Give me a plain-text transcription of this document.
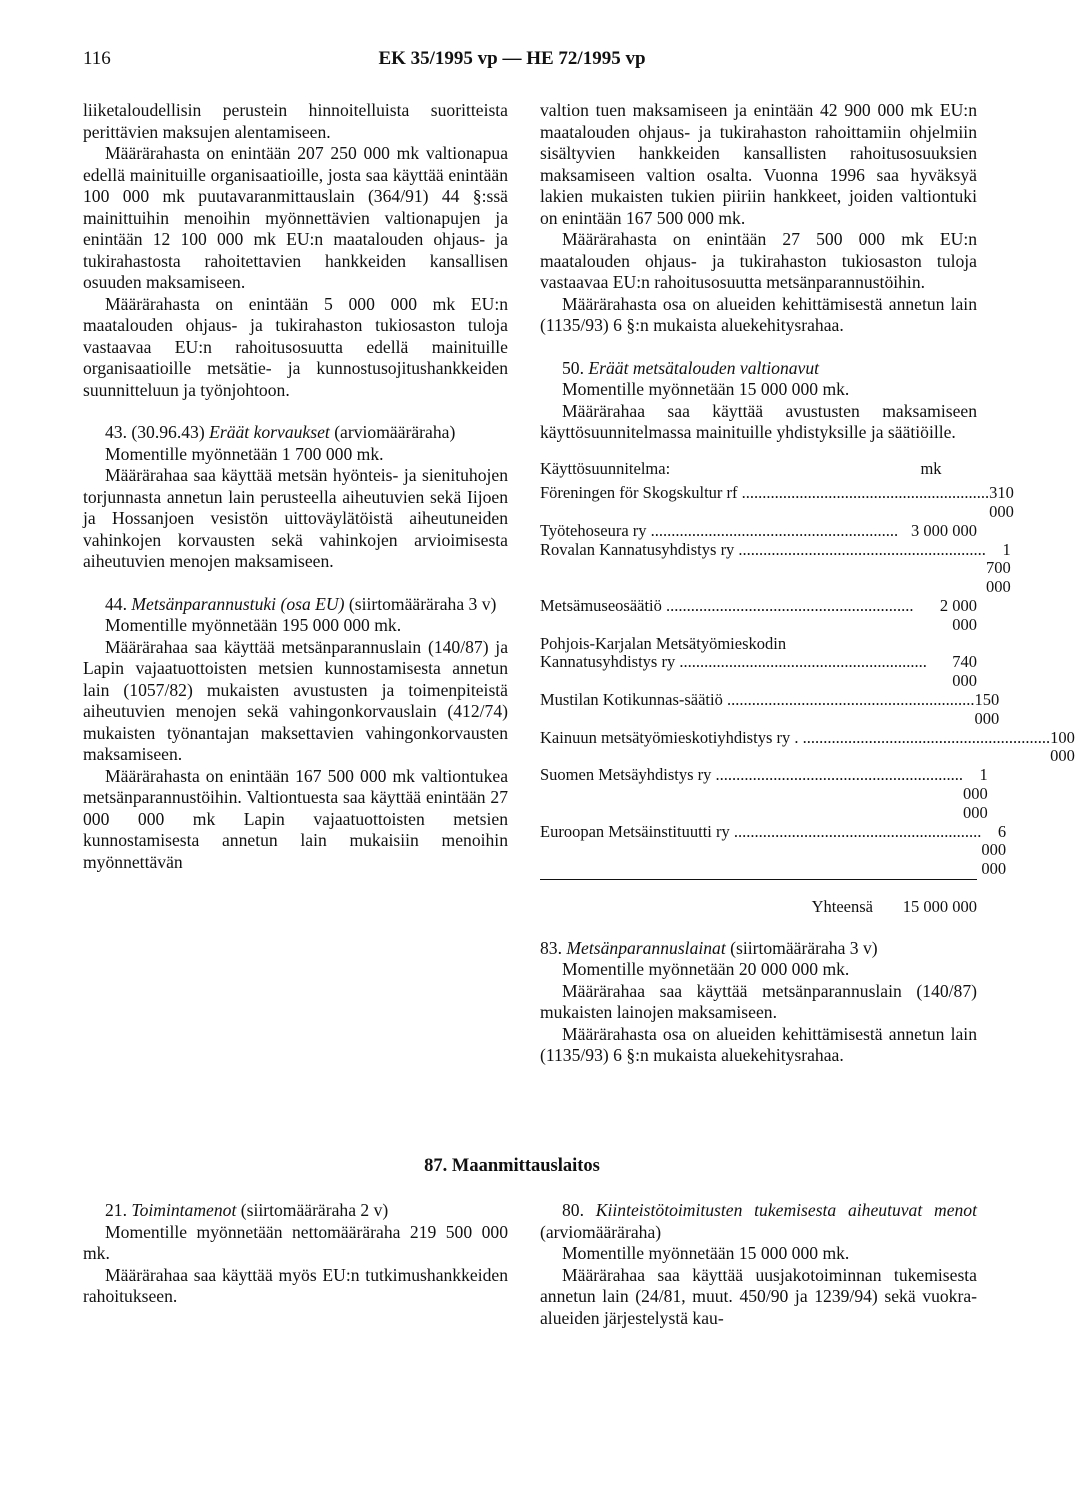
116	EK 35/1995 vp — HE 72/1995 vp

liiketaloudellisin perustein hinnoitelluista suoritteista perittävien maksujen alentamiseen.

Määrärahasta on enintään 207 250 000 mk valtionapua edellä mainituille organisaatioille, josta saa käyttää enintään 100 000 mk puutavaranmittauslain (364/91) 44 §:ssä mainittuihin menoihin myönnettävien valtionapujen ja enintään 12 100 000 mk EU:n maatalouden ohjaus- ja tukirahastosta rahoitettavien hankkeiden kansallisen osuuden maksamiseen.

Määrärahasta on enintään 5 000 000 mk EU:n maatalouden ohjaus- ja tukirahaston tukiosaston tuloja vastaavaa EU:n rahoitusosuutta edellä mainituille organisaatioille metsätie- ja kunnostusojitushankkeiden suunnitteluun ja työnjohtoon.

43. (30.96.43) Eräät korvaukset (arviomääräraha)

Momentille myönnetään 1 700 000 mk.

Määrärahaa saa käyttää metsän hyönteis- ja sienituhojen torjunnasta annetun lain perusteella aiheutuvien sekä Iijoen ja Hossanjoen vesistön uittoväylätöistä aiheutuneiden vahinkojen korvausten sekä vahinkojen arvioimisesta aiheutuvien menojen maksamiseen.

44. Metsänparannustuki (osa EU) (siirtomääräraha 3 v)

Momentille myönnetään 195 000 000 mk.

Määrärahaa saa käyttää metsänparannuslain (140/87) ja Lapin vajaatuottoisten metsien kunnostamisesta annetun lain (1057/82) mukaisten avustusten ja toimenpiteistä aiheutuvien menojen sekä vahingonkorvauslain (412/74) mukaisten työnantajan maksettavien vahingonkorvausten maksamiseen.

Määrärahasta on enintään 167 500 000 mk valtiontukea metsänparannustöihin. Valtiontuesta saa käyttää enintään 27 000 000 mk Lapin vajaatuottoisten metsien kunnostamisesta annetun lain mukaisiin menoihin myönnettävän

valtion tuen maksamiseen ja enintään 42 900 000 mk EU:n maatalouden ohjaus- ja tukirahaston rahoittamiin ohjelmiin sisältyvien hankkeiden kansallisten rahoitusosuuksien maksamiseen valtion osalta. Vuonna 1996 saa hyväksyä lakien mukaisten tukien piiriin hankkeet, joiden valtiontuki on enintään 167 500 000 mk.

Määrärahasta on enintään 27 500 000 mk EU:n maatalouden ohjaus- ja tukirahaston tukiosaston tuloja vastaavaa EU:n rahoitusosuutta metsänparannustöihin.

Määrärahasta osa on alueiden kehittämisestä annetun lain (1135/93) 6 §:n mukaista aluekehitysrahaa.

50. Eräät metsätalouden valtionavut

Momentille myönnetään 15 000 000 mk.

Määrärahaa saa käyttää avustusten maksamiseen käyttösuunnitelmassa mainituille yhdistyksille ja säätiöille.

Käyttösuunnitelma:	mk
Föreningen för Skogskultur rf ............................................................ 310 000
Työtehoseura ry ............................................................ 3 000 000
Rovalan Kannatusyhdistys ry ............................................................	1 700 000
Metsämuseosäätiö ............................................................	2 000 000
Pohjois-Karjalan Metsätyömieskodin
Kannatusyhdistys ry ............................................................	740 000
Mustilan Kotikunnas-säätiö ............................................................ 150 000
Kainuun metsätyömieskotiyhdistys ry . ............................................................ 100 000
Suomen Metsäyhdistys ry ............................................................	1 000 000
Euroopan Metsäinstituutti ry ............................................................	6 000 000
Yhteensä	15 000 000

83. Metsänparannuslainat (siirtomääräraha 3 v)

Momentille myönnetään 20 000 000 mk.

Määrärahaa saa käyttää metsänparannuslain (140/87) mukaisten lainojen maksamiseen.

Määrärahasta osa on alueiden kehittämisestä annetun lain (1135/93) 6 §:n mukaista aluekehitysrahaa.

87. Maanmittauslaitos

21. Toimintamenot (siirtomääräraha 2 v)

Momentille myönnetään nettomääräraha 219 500 000 mk.

Määrärahaa saa käyttää myös EU:n tutkimushankkeiden rahoitukseen.

80. Kiinteistötoimitusten tukemisesta aiheutuvat menot (arviomääräraha)

Momentille myönnetään 15 000 000 mk.

Määrärahaa saa käyttää uusjakotoiminnan tukemisesta annetun lain (24/81, muut. 450/90 ja 1239/94) sekä vuokra-alueiden järjestelystä kau-
